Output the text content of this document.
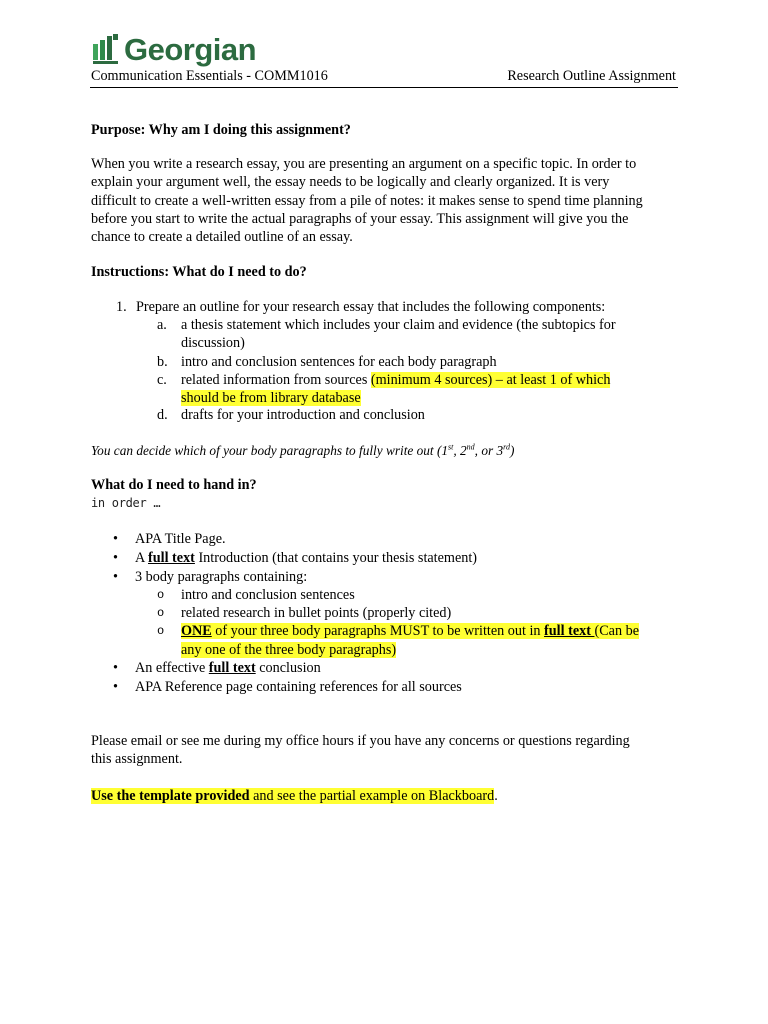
Georgian
Communication Essentials - COMM1016	Research Outline Assignment
Purpose: Why am I doing this assignment?
When you write a research essay, you are presenting an argument on a specific topic. In order to
explain your argument well, the essay needs to be logically and clearly organized. It is very
difficult to create a well-written essay from a pile of notes: it makes sense to spend time planning
before you start to write the actual paragraphs of your essay. This assignment will give you the
chance to create a detailed outline of an essay.
Instructions: What do I need to do?
1. Prepare an outline for your research essay that includes the following components:
a. a thesis statement which includes your claim and evidence (the subtopics for
discussion)
b. intro and conclusion sentences for each body paragraph
c. related information from sources (minimum 4 sources) – at least 1 of which
should be from library database
d. drafts for your introduction and conclusion
You can decide which of your body paragraphs to fully write out (1st, 2nd, or 3rd)
What do I need to hand in?
in order …
• APA Title Page.
• A full text Introduction (that contains your thesis statement)
• 3 body paragraphs containing:
o intro and conclusion sentences
o related research in bullet points (properly cited)
o ONE of your three body paragraphs MUST to be written out in full text (Can be
any one of the three body paragraphs)
• An effective full text conclusion
• APA Reference page containing references for all sources
Please email or see me during my office hours if you have any concerns or questions regarding
this assignment.
Use the template provided and see the partial example on Blackboard.
